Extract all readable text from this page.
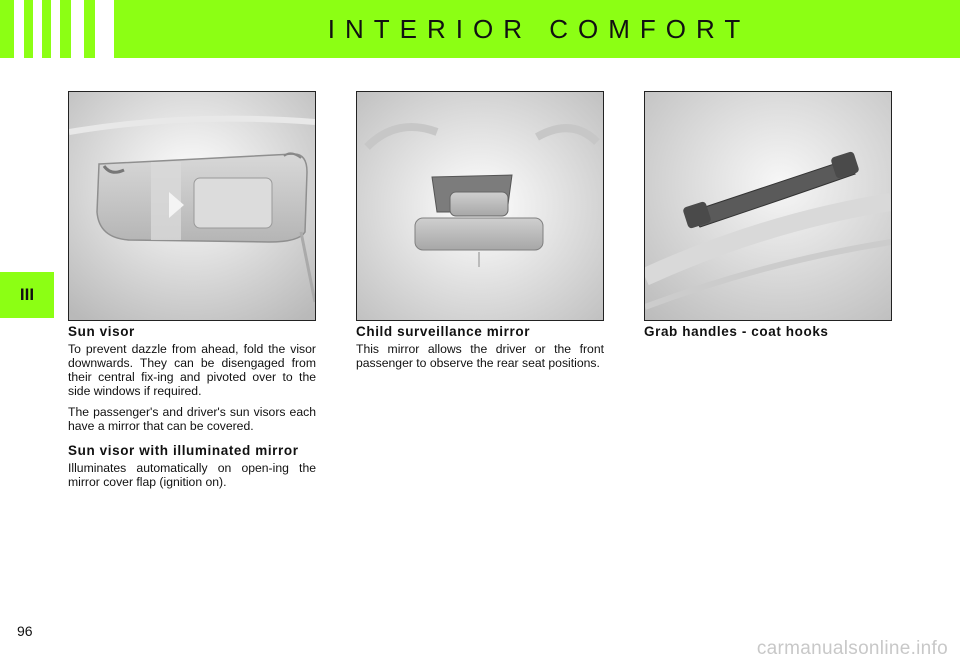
INTERIOR COMFORT
III
Sun visor

To prevent dazzle from ahead, fold the visor downwards. They can be disengaged from their central fix-ing and pivoted over to the side windows if required.

The passenger's and driver's sun visors each have a mirror that can be covered.

Sun visor with illuminated mirror

Illuminates automatically on open-ing the mirror cover flap (ignition on).

Child surveillance mirror

This mirror allows the driver or the front passenger to observe the rear seat positions.

Grab handles - coat hooks
96
carmanualsonline.info
